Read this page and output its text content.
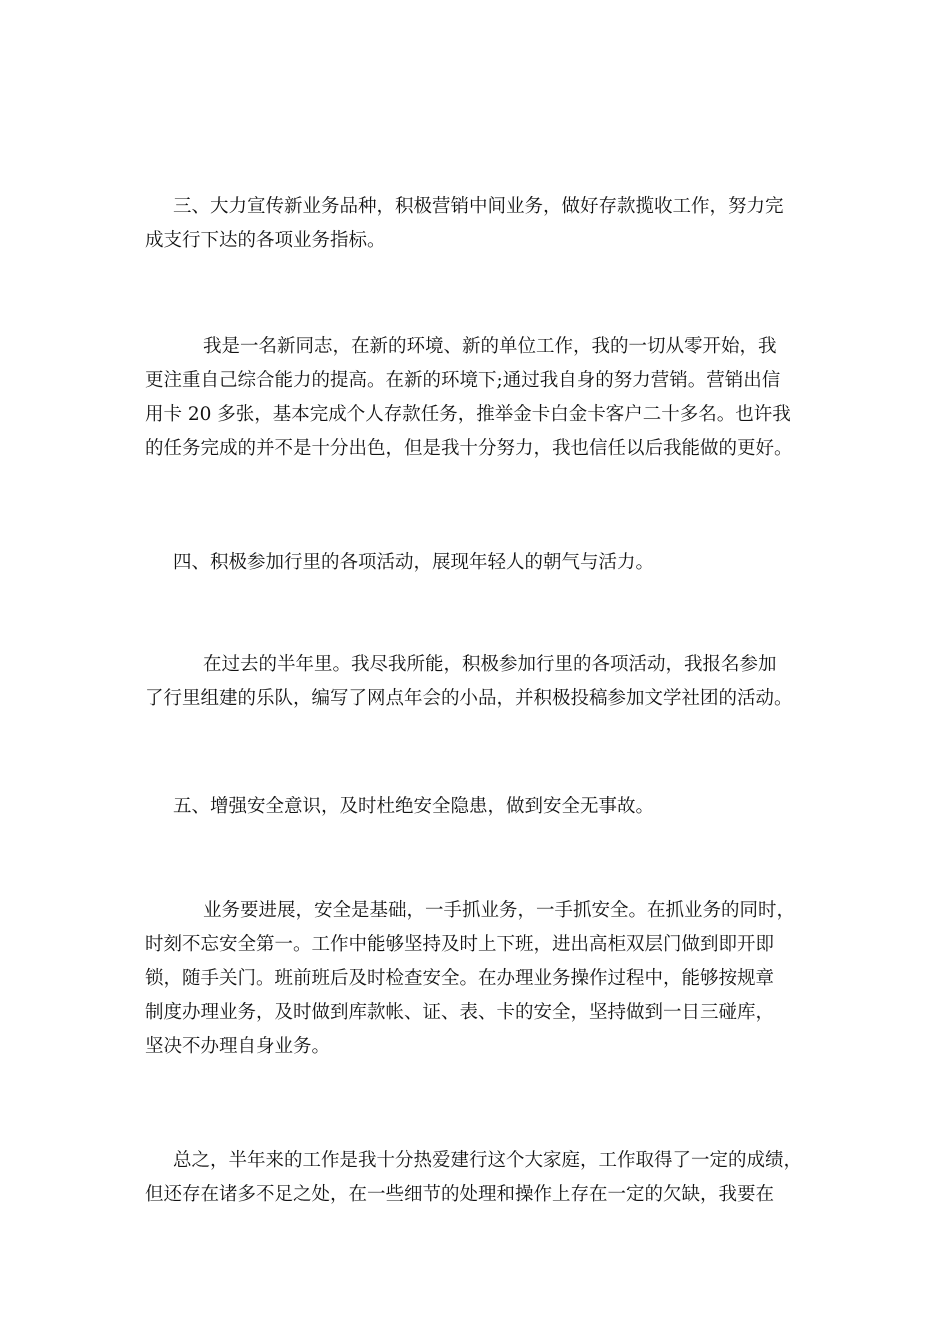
三、大力宣传新业务品种，积极营销中间业务，做好存款揽收工作，努力完
成支行下达的各项业务指标。
我是一名新同志，在新的环境、新的单位工作，我的一切从零开始，我
更注重自己综合能力的提高。在新的环境下;通过我自身的努力营销。营销出信
用卡 20 多张，基本完成个人存款任务，推举金卡白金卡客户二十多名。也许我
的任务完成的并不是十分出色，但是我十分努力，我也信任以后我能做的更好。
四、积极参加行里的各项活动，展现年轻人的朝气与活力。
在过去的半年里。我尽我所能，积极参加行里的各项活动，我报名参加
了行里组建的乐队，编写了网点年会的小品，并积极投稿参加文学社团的活动。
五、增强安全意识，及时杜绝安全隐患，做到安全无事故。
业务要进展，安全是基础，一手抓业务，一手抓安全。在抓业务的同时，
时刻不忘安全第一。工作中能够坚持及时上下班，进出高柜双层门做到即开即
锁，随手关门。班前班后及时检查安全。在办理业务操作过程中，能够按规章
制度办理业务，及时做到库款帐、证、表、卡的安全，坚持做到一日三碰库，
坚决不办理自身业务。
总之，半年来的工作是我十分热爱建行这个大家庭，工作取得了一定的成绩，
但还存在诸多不足之处，在一些细节的处理和操作上存在一定的欠缺，我要在
